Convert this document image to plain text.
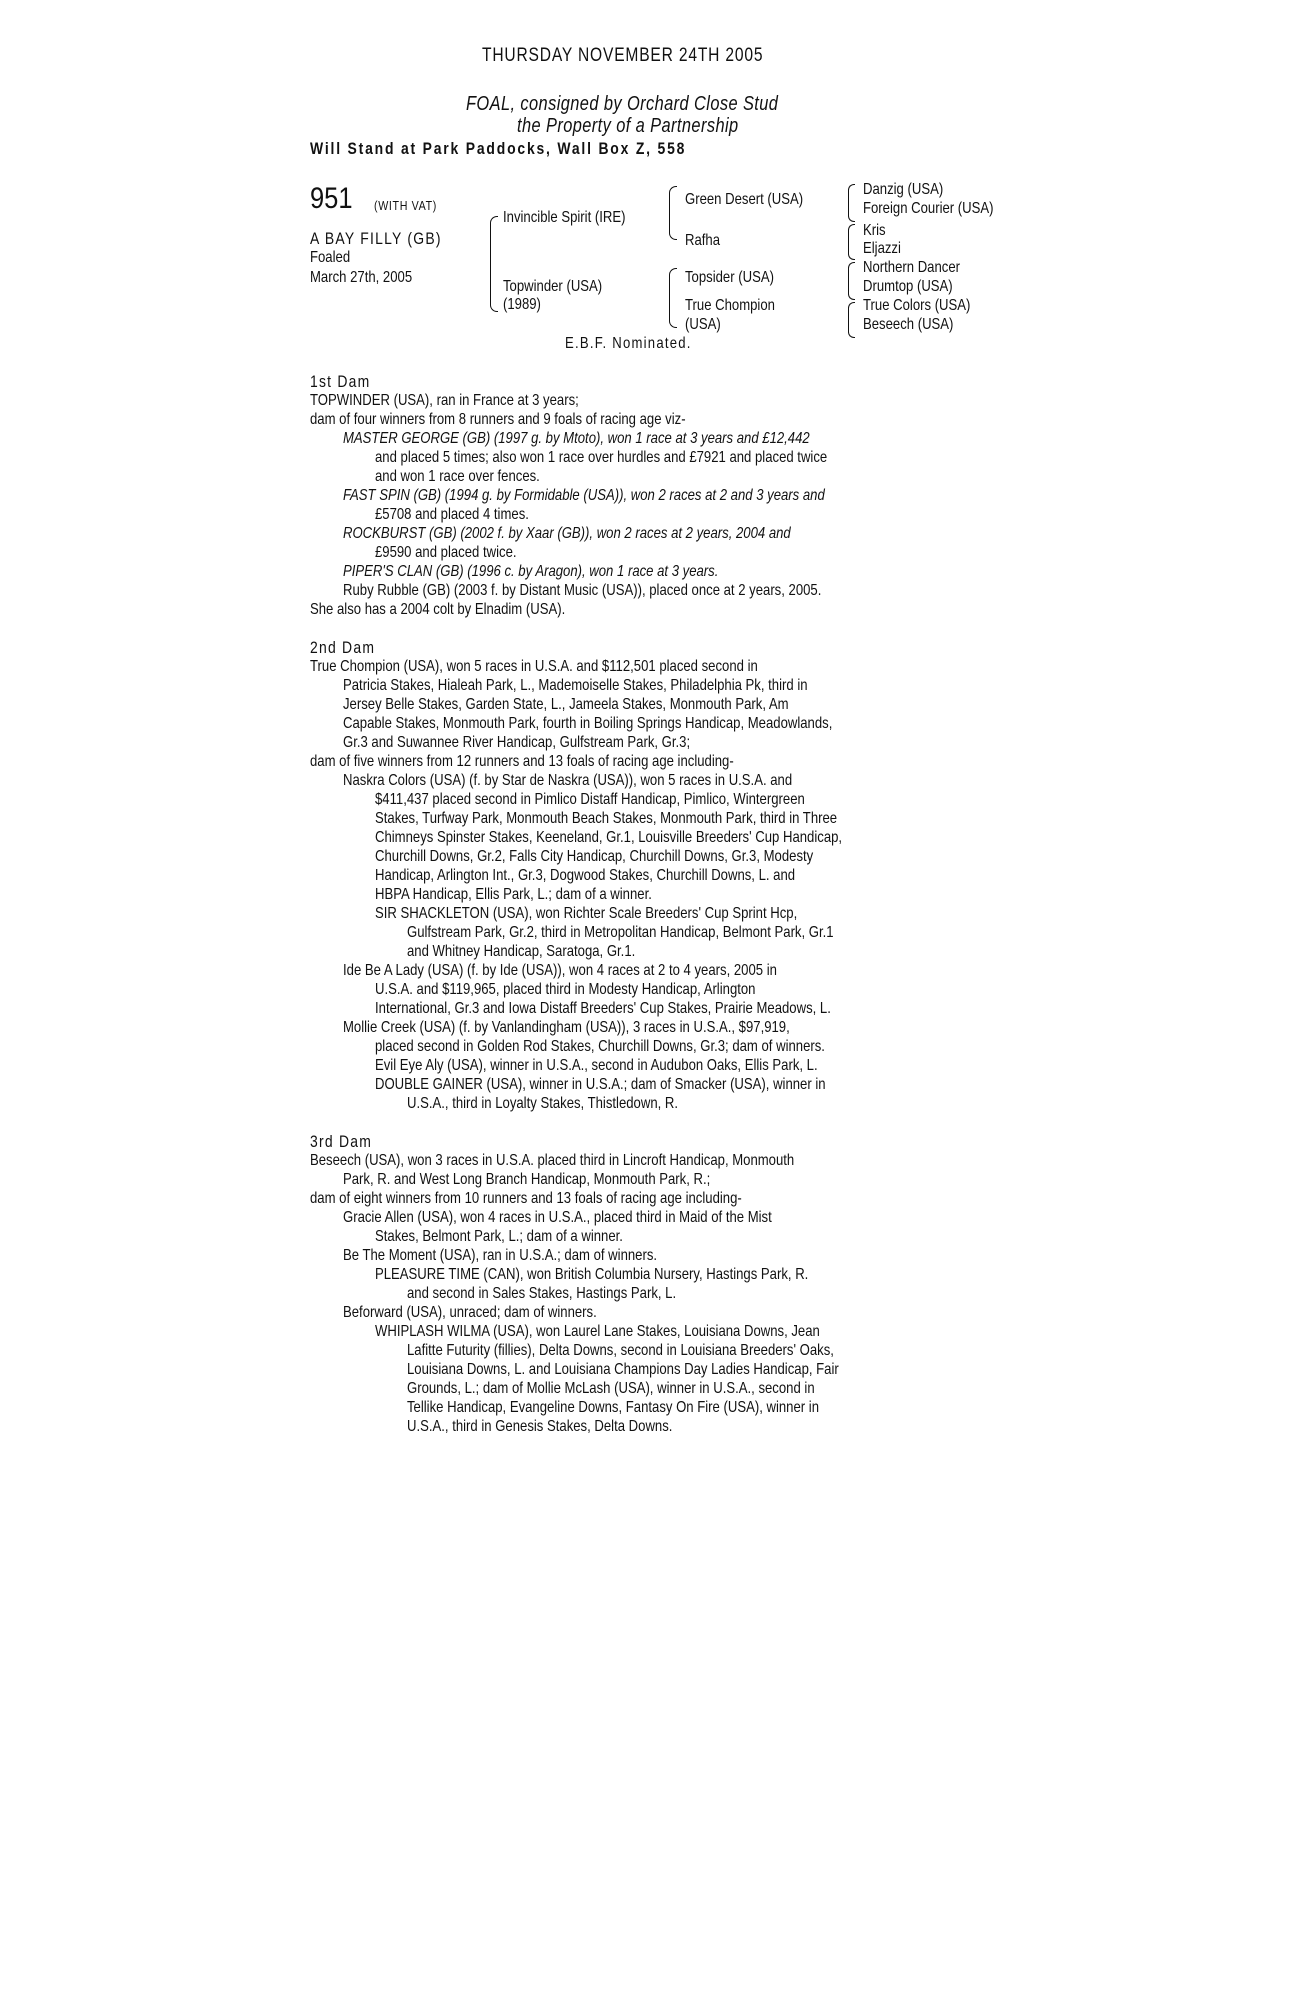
THURSDAY NOVEMBER 24TH 2005
FOAL, consigned by Orchard Close Stud
the Property of a Partnership
Will Stand at Park Paddocks, Wall Box Z, 558
951 (WITH VAT)
A BAY FILLY (GB)
Foaled
March 27th, 2005
Invincible Spirit (IRE)
Topwinder (USA)
(1989)
Green Desert (USA)
Rafha
Topsider (USA)
True Chompion
(USA)
Danzig (USA)
Foreign Courier (USA)
Kris
Eljazzi
Northern Dancer
Drumtop (USA)
True Colors (USA)
Beseech (USA)
E.B.F. Nominated.
1st Dam
TOPWINDER (USA), ran in France at 3 years;
dam of four winners from 8 runners and 9 foals of racing age viz-
MASTER GEORGE (GB) (1997 g. by Mtoto), won 1 race at 3 years and £12,442
and placed 5 times; also won 1 race over hurdles and £7921 and placed twice
and won 1 race over fences.
FAST SPIN (GB) (1994 g. by Formidable (USA)), won 2 races at 2 and 3 years and
£5708 and placed 4 times.
ROCKBURST (GB) (2002 f. by Xaar (GB)), won 2 races at 2 years, 2004 and
£9590 and placed twice.
PIPER'S CLAN (GB) (1996 c. by Aragon), won 1 race at 3 years.
Ruby Rubble (GB) (2003 f. by Distant Music (USA)), placed once at 2 years, 2005.
She also has a 2004 colt by Elnadim (USA).
2nd Dam
True Chompion (USA), won 5 races in U.S.A. and $112,501 placed second in
Patricia Stakes, Hialeah Park, L., Mademoiselle Stakes, Philadelphia Pk, third in
Jersey Belle Stakes, Garden State, L., Jameela Stakes, Monmouth Park, Am
Capable Stakes, Monmouth Park, fourth in Boiling Springs Handicap, Meadowlands,
Gr.3 and Suwannee River Handicap, Gulfstream Park, Gr.3;
dam of five winners from 12 runners and 13 foals of racing age including-
Naskra Colors (USA) (f. by Star de Naskra (USA)), won 5 races in U.S.A. and
$411,437 placed second in Pimlico Distaff Handicap, Pimlico, Wintergreen
Stakes, Turfway Park, Monmouth Beach Stakes, Monmouth Park, third in Three
Chimneys Spinster Stakes, Keeneland, Gr.1, Louisville Breeders' Cup Handicap,
Churchill Downs, Gr.2, Falls City Handicap, Churchill Downs, Gr.3, Modesty
Handicap, Arlington Int., Gr.3, Dogwood Stakes, Churchill Downs, L. and
HBPA Handicap, Ellis Park, L.; dam of a winner.
SIR SHACKLETON (USA), won Richter Scale Breeders' Cup Sprint Hcp,
Gulfstream Park, Gr.2, third in Metropolitan Handicap, Belmont Park, Gr.1
and Whitney Handicap, Saratoga, Gr.1.
Ide Be A Lady (USA) (f. by Ide (USA)), won 4 races at 2 to 4 years, 2005 in
U.S.A. and $119,965, placed third in Modesty Handicap, Arlington
International, Gr.3 and Iowa Distaff Breeders' Cup Stakes, Prairie Meadows, L.
Mollie Creek (USA) (f. by Vanlandingham (USA)), 3 races in U.S.A., $97,919,
placed second in Golden Rod Stakes, Churchill Downs, Gr.3; dam of winners.
Evil Eye Aly (USA), winner in U.S.A., second in Audubon Oaks, Ellis Park, L.
DOUBLE GAINER (USA), winner in U.S.A.; dam of Smacker (USA), winner in
U.S.A., third in Loyalty Stakes, Thistledown, R.
3rd Dam
Beseech (USA), won 3 races in U.S.A. placed third in Lincroft Handicap, Monmouth
Park, R. and West Long Branch Handicap, Monmouth Park, R.;
dam of eight winners from 10 runners and 13 foals of racing age including-
Gracie Allen (USA), won 4 races in U.S.A., placed third in Maid of the Mist
Stakes, Belmont Park, L.; dam of a winner.
Be The Moment (USA), ran in U.S.A.; dam of winners.
PLEASURE TIME (CAN), won British Columbia Nursery, Hastings Park, R.
and second in Sales Stakes, Hastings Park, L.
Beforward (USA), unraced; dam of winners.
WHIPLASH WILMA (USA), won Laurel Lane Stakes, Louisiana Downs, Jean
Lafitte Futurity (fillies), Delta Downs, second in Louisiana Breeders' Oaks,
Louisiana Downs, L. and Louisiana Champions Day Ladies Handicap, Fair
Grounds, L.; dam of Mollie McLash (USA), winner in U.S.A., second in
Tellike Handicap, Evangeline Downs, Fantasy On Fire (USA), winner in
U.S.A., third in Genesis Stakes, Delta Downs.
